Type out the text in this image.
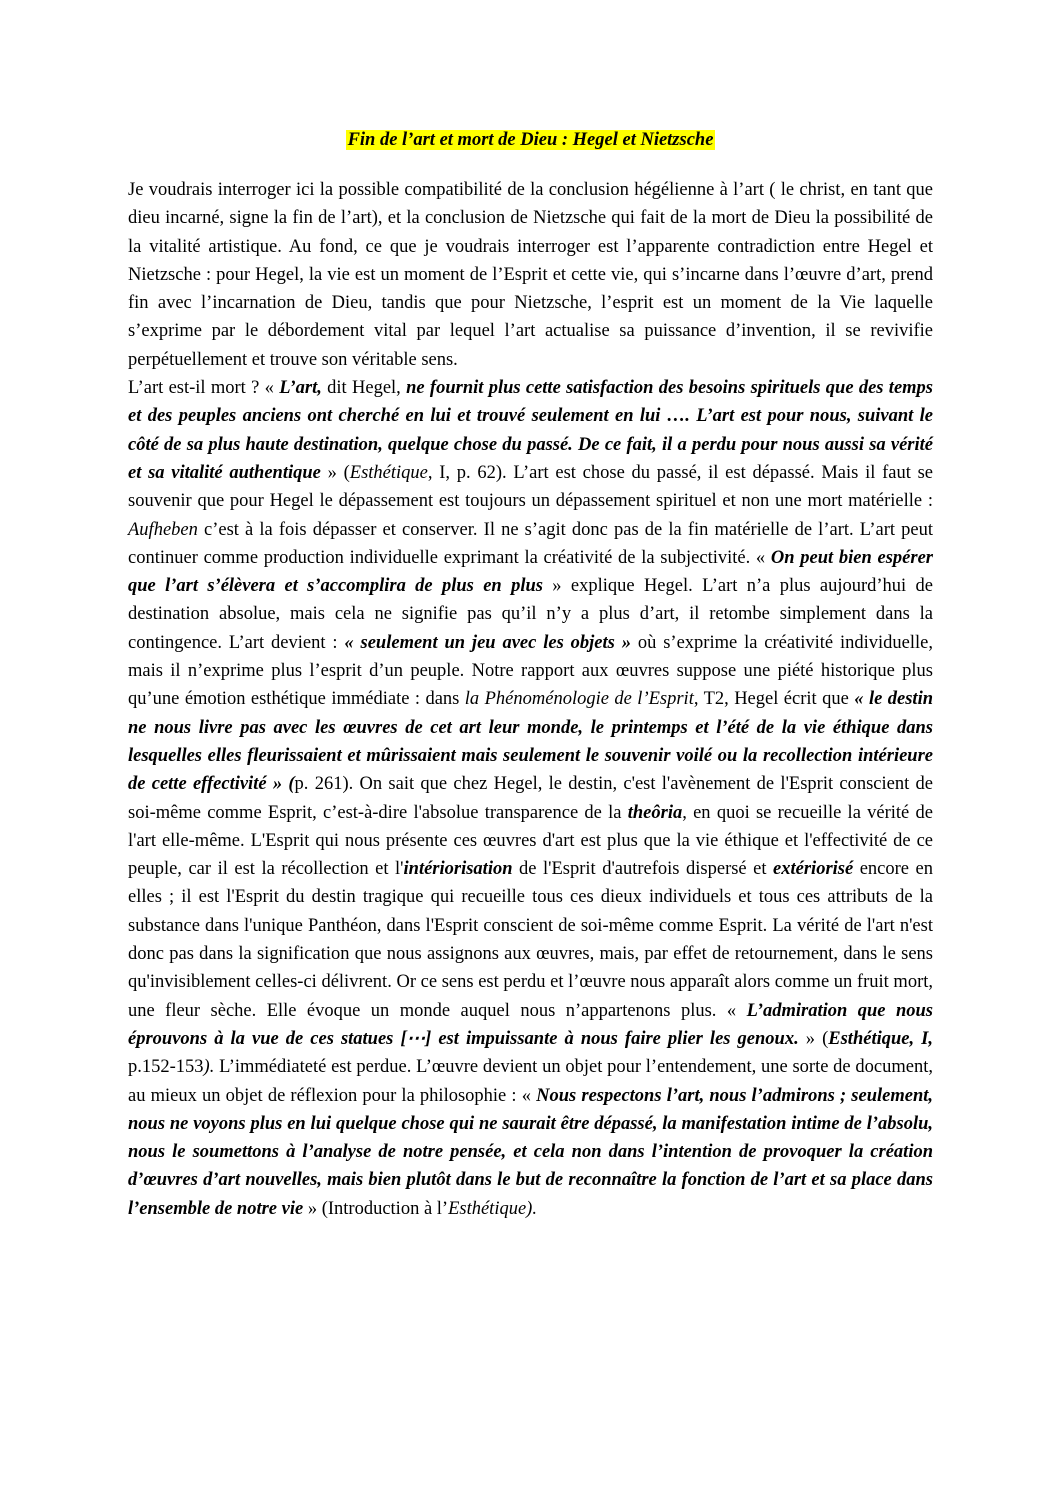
Fin de l’art et mort de Dieu : Hegel et Nietzsche

Je voudrais interroger ici la possible compatibilité de la conclusion hégélienne à l’art ( le christ, en tant que dieu incarné, signe la fin de l’art), et la conclusion de Nietzsche qui fait de la mort de Dieu la possibilité de la vitalité artistique. Au fond, ce que je voudrais interroger est l’apparente contradiction entre Hegel et Nietzsche : pour Hegel, la vie est un moment de l’Esprit et cette vie, qui s’incarne dans l’œuvre d’art, prend fin avec l’incarnation de Dieu, tandis que pour Nietzsche, l’esprit est un moment de la Vie laquelle s’exprime par le débordement vital par lequel l’art actualise sa puissance d’invention, il se revivifie perpétuellement et trouve son véritable sens.

L’art est-il mort ? « L’art, dit Hegel, ne fournit plus cette satisfaction des besoins spirituels que des temps et des peuples anciens ont cherché en lui et trouvé seulement en lui …. L’art est pour nous, suivant le côté de sa plus haute destination, quelque chose du passé. De ce fait, il a perdu pour nous aussi sa vérité et sa vitalité authentique » (Esthétique, I, p. 62). L’art est chose du passé, il est dépassé. Mais il faut se souvenir que pour Hegel le dépassement est toujours un dépassement spirituel et non une mort matérielle : Aufheben c’est à la fois dépasser et conserver. Il ne s’agit donc pas de la fin matérielle de l’art. L’art peut continuer comme production individuelle exprimant la créativité de la subjectivité. « On peut bien espérer que l’art s’élèvera et s’accomplira de plus en plus » explique Hegel. L’art n’a plus aujourd’hui de destination absolue, mais cela ne signifie pas qu’il n’y a plus d’art, il retombe simplement dans la contingence. L’art devient : « seulement un jeu avec les objets » où s’exprime la créativité individuelle, mais il n’exprime plus l’esprit d’un peuple. Notre rapport aux œuvres suppose une piété historique plus qu’une émotion esthétique immédiate : dans la Phénoménologie de l’Esprit, T2, Hegel écrit que « le destin ne nous livre pas avec les œuvres de cet art leur monde, le printemps et l’été de la vie éthique dans lesquelles elles fleurissaient et mûrissaient mais seulement le souvenir voilé ou la recollection intérieure de cette effectivité » (p. 261). On sait que chez Hegel, le destin, c'est l'avènement de l'Esprit conscient de soi-même comme Esprit, c’est-à-dire l'absolue transparence de la theôria, en quoi se recueille la vérité de l'art elle-même. L'Esprit qui nous présente ces œuvres d'art est plus que la vie éthique et l'effectivité de ce peuple, car il est la récollection et l'intériorisation de l'Esprit d'autrefois dispersé et extériorisé encore en elles ; il est l'Esprit du destin tragique qui recueille tous ces dieux individuels et tous ces attributs de la substance dans l'unique Panthéon, dans l'Esprit conscient de soi-même comme Esprit. La vérité de l'art n'est donc pas dans la signification que nous assignons aux œuvres, mais, par effet de retournement, dans le sens qu'invisiblement celles-ci délivrent. Or ce sens est perdu et l’œuvre nous apparaît alors comme un fruit mort, une fleur sèche. Elle évoque un monde auquel nous n’appartenons plus. « L’admiration que nous éprouvons à la vue de ces statues [⋯] est impuissante à nous faire plier les genoux. » (Esthétique, I, p.152-153). L’immédiateté est perdue. L’œuvre devient un objet pour l’entendement, une sorte de document, au mieux un objet de réflexion pour la philosophie : « Nous respectons l’art, nous l’admirons ; seulement, nous ne voyons plus en lui quelque chose qui ne saurait être dépassé, la manifestation intime de l’absolu, nous le soumettons à l’analyse de notre pensée, et cela non dans l’intention de provoquer la création d’œuvres d’art nouvelles, mais bien plutôt dans le but de reconnaître la fonction de l’art et sa place dans l’ensemble de notre vie » (Introduction à l’Esthétique).
